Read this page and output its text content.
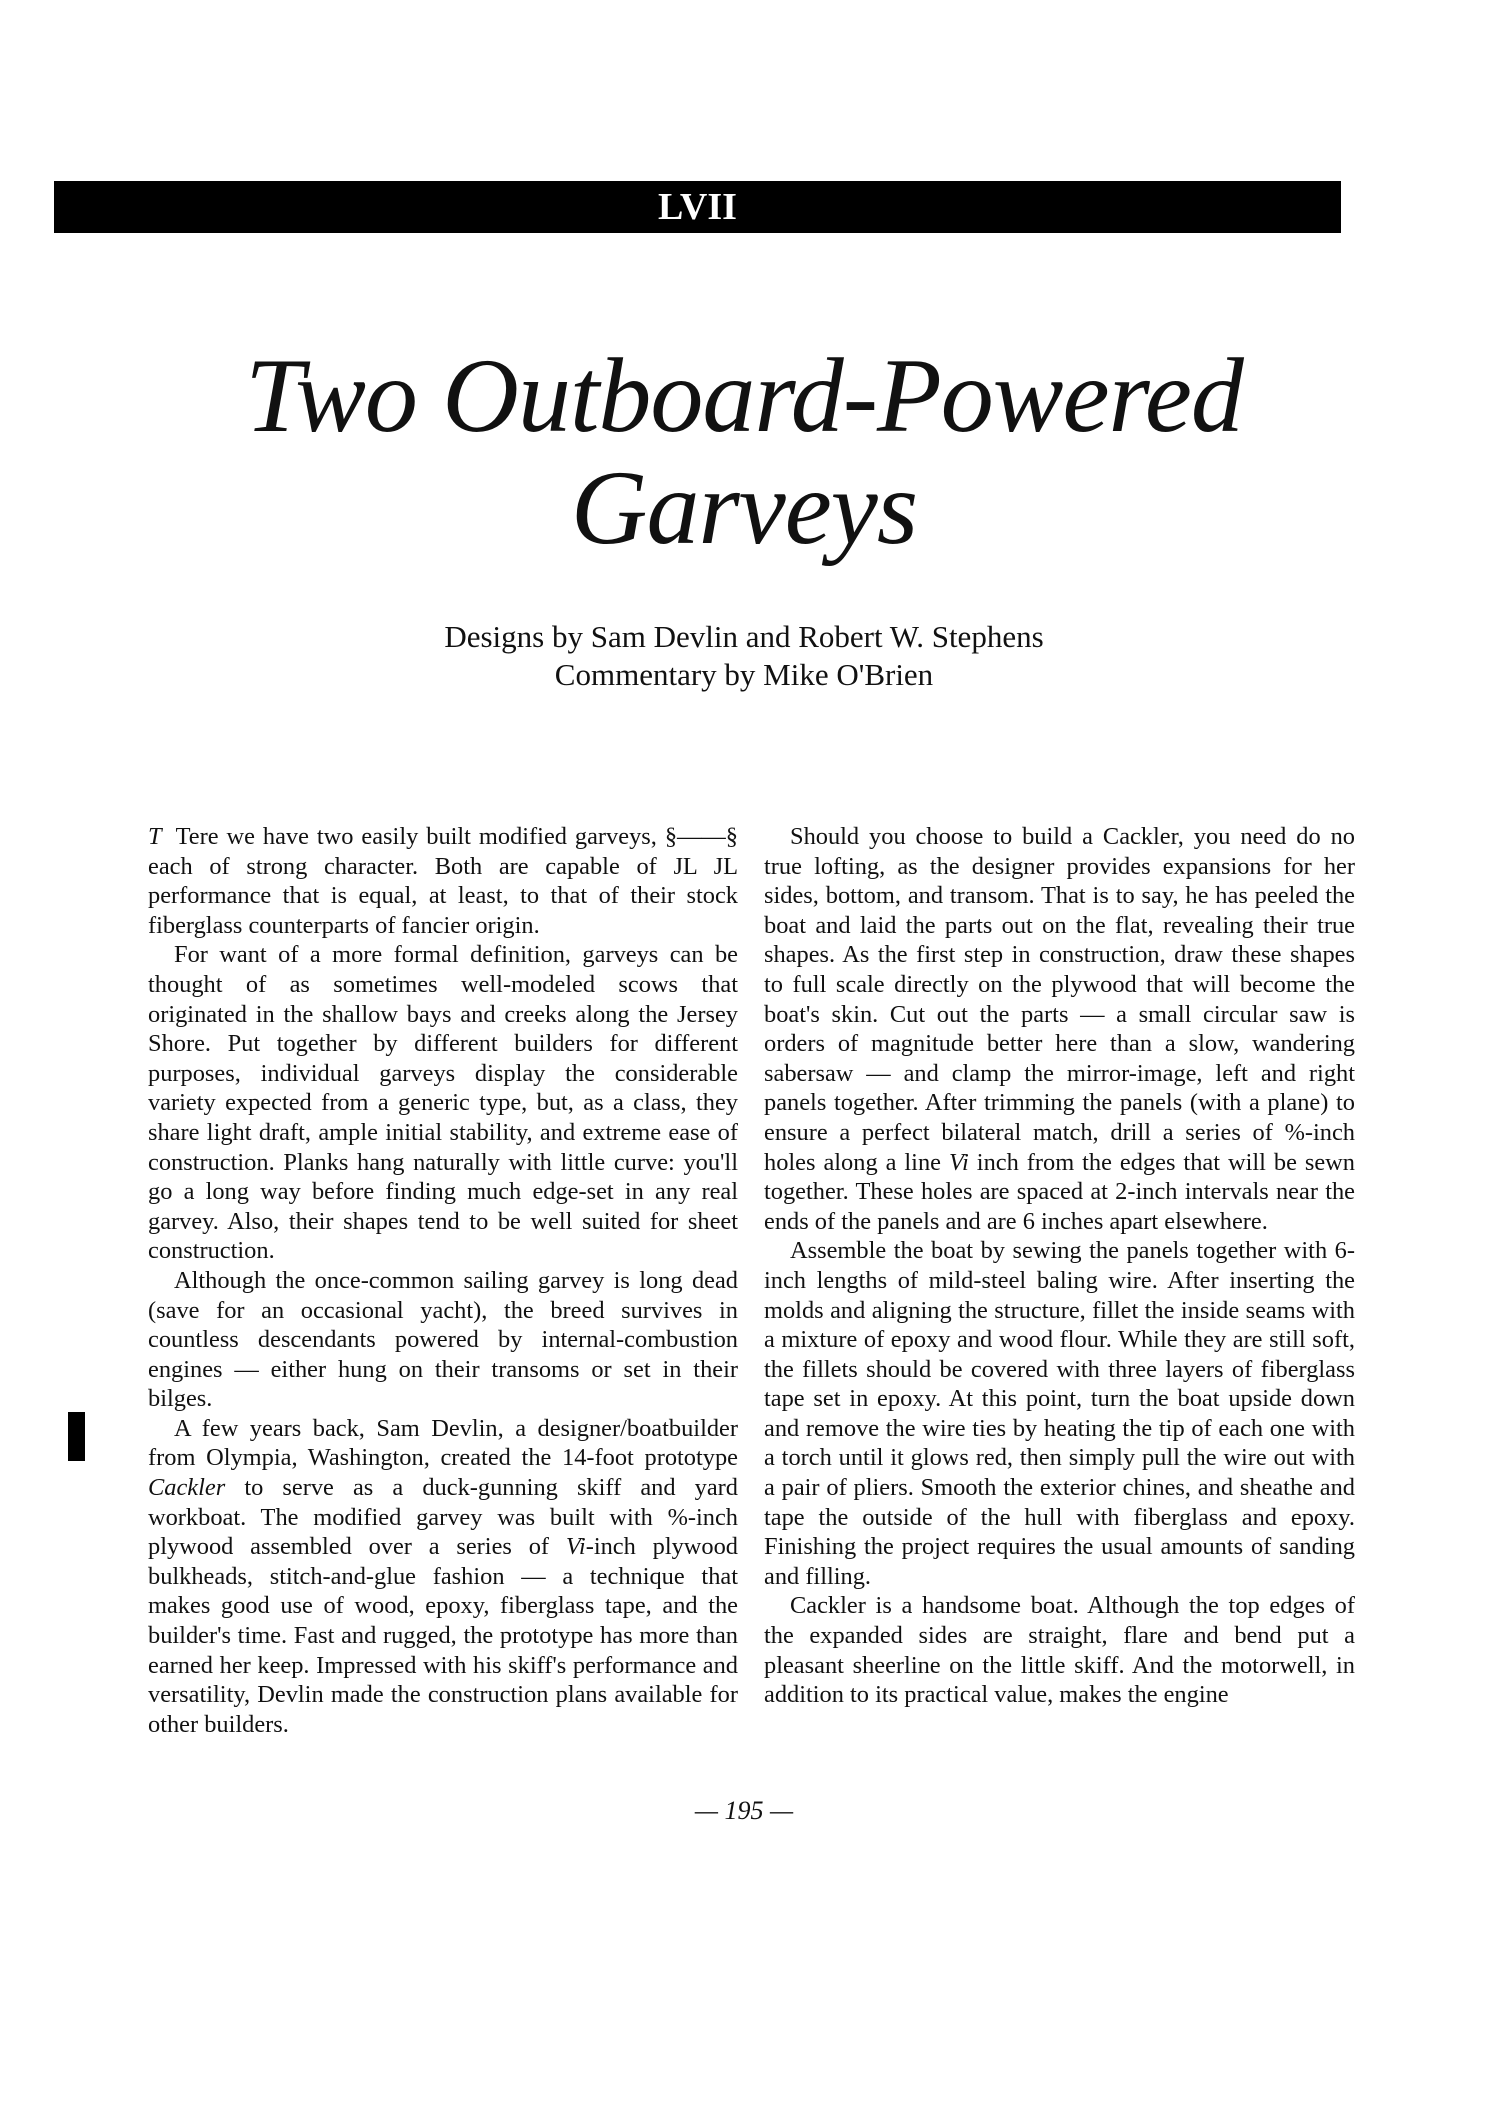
LVII
Two Outboard-Powered
Garveys
Designs by Sam Devlin and Robert W. Stephens
Commentary by Mike O'Brien

T Tere we have two easily built modified garveys, §——§ each of strong character. Both are capable of JL JL performance that is equal, at least, to that of their stock fiberglass counterparts of fancier origin.

For want of a more formal definition, garveys can be thought of as sometimes well-modeled scows that originated in the shallow bays and creeks along the Jersey Shore. Put together by different builders for different purposes, individual garveys display the considerable variety expected from a generic type, but, as a class, they share light draft, ample initial stability, and extreme ease of construction. Planks hang naturally with little curve: you'll go a long way before finding much edge-set in any real garvey. Also, their shapes tend to be well suited for sheet construction.

Although the once-common sailing garvey is long dead (save for an occasional yacht), the breed survives in countless descendants powered by internal-combustion engines — either hung on their transoms or set in their bilges.

A few years back, Sam Devlin, a designer/boatbuilder from Olympia, Washington, created the 14-foot prototype Cackler to serve as a duck-gunning skiff and yard workboat. The modified garvey was built with %-inch plywood assembled over a series of Vi-inch plywood bulkheads, stitch-and-glue fashion — a technique that makes good use of wood, epoxy, fiberglass tape, and the builder's time. Fast and rugged, the prototype has more than earned her keep. Impressed with his skiff's performance and versatility, Devlin made the construction plans available for other builders.

Should you choose to build a Cackler, you need do no true lofting, as the designer provides expansions for her sides, bottom, and transom. That is to say, he has peeled the boat and laid the parts out on the flat, revealing their true shapes. As the first step in construction, draw these shapes to full scale directly on the plywood that will become the boat's skin. Cut out the parts — a small circular saw is orders of magnitude better here than a slow, wandering sabersaw — and clamp the mirror-image, left and right panels together. After trimming the panels (with a plane) to ensure a perfect bilateral match, drill a series of %-inch holes along a line Vi inch from the edges that will be sewn together. These holes are spaced at 2-inch intervals near the ends of the panels and are 6 inches apart elsewhere.

Assemble the boat by sewing the panels together with 6-inch lengths of mild-steel baling wire. After inserting the molds and aligning the structure, fillet the inside seams with a mixture of epoxy and wood flour. While they are still soft, the fillets should be covered with three layers of fiberglass tape set in epoxy. At this point, turn the boat upside down and remove the wire ties by heating the tip of each one with a torch until it glows red, then simply pull the wire out with a pair of pliers. Smooth the exterior chines, and sheathe and tape the outside of the hull with fiberglass and epoxy. Finishing the project requires the usual amounts of sanding and filling.

Cackler is a handsome boat. Although the top edges of the expanded sides are straight, flare and bend put a pleasant sheerline on the little skiff. And the motorwell, in addition to its practical value, makes the engine

— 195 —
